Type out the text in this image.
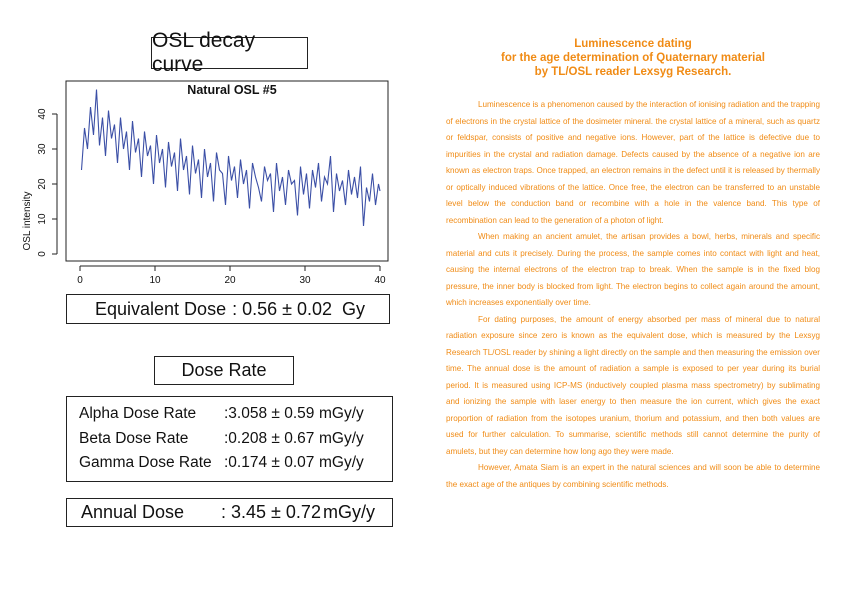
OSL decay curve
Natural OSL #5
OSL intensity
0
10
20
30
40
0	10	20	30	40
Equivalent Dose : 0.56 ± 0.02 Gy
Dose Rate
Alpha Dose Rate	:3.058 ± 0.59 mGy/y
Beta Dose Rate	:0.208 ± 0.67 mGy/y
Gamma Dose Rate :0.174 ± 0.07 mGy/y
Annual Dose	: 3.45 ± 0.72 mGy/y
Luminescence dating
for the age determination of Quaternary material
by TL/OSL reader Lexsyg Research.

Luminescence is a phenomenon caused by the interaction of ionising radiation and the trapping of electrons in the crystal lattice of the dosimeter mineral. the crystal lattice of a mineral, such as quartz or feldspar, consists of positive and negative ions. However, part of the lattice is defective due to impurities in the crystal and radiation damage. Defects caused by the absence of a negative ion are known as electron traps. Once trapped, an electron remains in the defect until it is released by thermally or optically induced vibrations of the lattice. Once free, the electron can be transferred to an unstable level below the conduction band or recombine with a hole in the valence band. This type of recombination can lead to the generation of a photon of light.

When making an ancient amulet, the artisan provides a bowl, herbs, minerals and specific material and cuts it precisely. During the process, the sample comes into contact with light and heat, causing the internal electrons of the electron trap to break. When the sample is in the fixed blog pressure, the inner body is blocked from light. The electron begins to collect again around the amount, which increases exponentially over time.

For dating purposes, the amount of energy absorbed per mass of mineral due to natural radiation exposure since zero is known as the equivalent dose, which is measured by the Lexsyg Research TL/OSL reader by shining a light directly on the sample and then measuring the emission over time. The annual dose is the amount of radiation a sample is exposed to per year during its burial period. It is measured using ICP-MS (inductively coupled plasma mass spectrometry) by sublimating and ionizing the sample with laser energy to then measure the ion current, which gives the exact proportion of radiation from the isotopes uranium, thorium and potassium, and then both values are used for further calculation. To summarise, scientific methods still cannot determine the purity of amulets, but they can determine how long ago they were made.

However, Amata Siam is an expert in the natural sciences and will soon be able to determine the exact age of the antiques by combining scientific methods.
